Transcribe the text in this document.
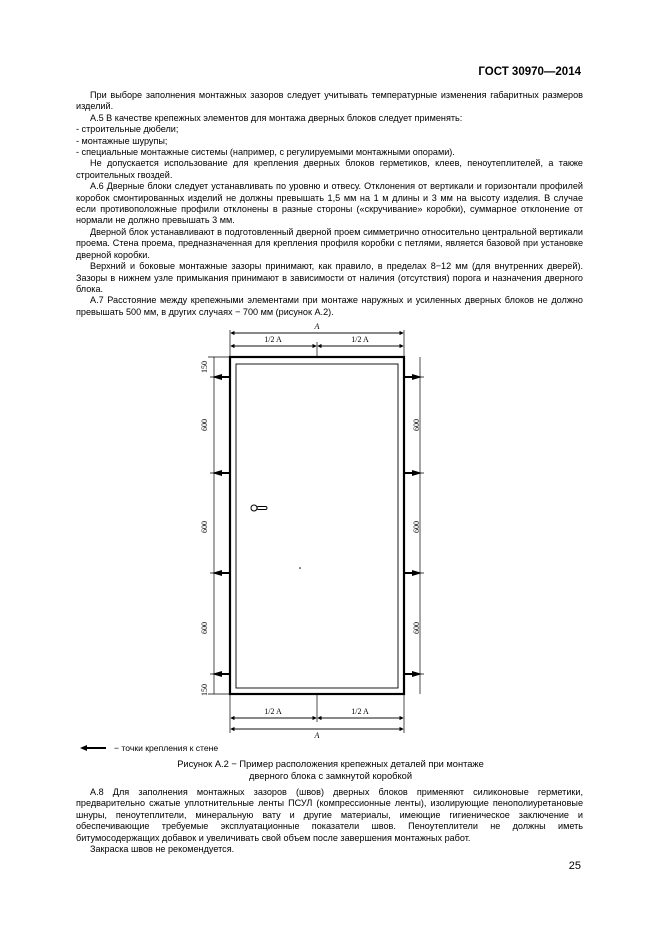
ГОСТ 30970—2014

При выборе заполнения монтажных зазоров следует учитывать температурные изменения габаритных размеров изделий.

А.5 В качестве крепежных элементов для монтажа дверных блоков следует применять:

- строительные дюбели;

- монтажные шурупы;

- специальные монтажные системы (например, с регулируемыми монтажными опорами).

Не допускается использование для крепления дверных блоков герметиков, клеев, пеноутеплителей, а также строительных гвоздей.

А.6 Дверные блоки следует устанавливать по уровню и отвесу. Отклонения от вертикали и горизонтали профилей коробок смонтированных изделий не должны превышать 1,5 мм на 1 м длины и 3 мм на высоту изделия. В случае если противоположные профили отклонены в разные стороны («скручивание» коробки), суммарное отклонение от нормали не должно превышать 3 мм.

Дверной блок устанавливают в подготовленный дверной проем симметрично относительно центральной вертикали проема. Стена проема, предназначенная для крепления профиля коробки с петлями, является базовой при установке дверной коробки.

Верхний и боковые монтажные зазоры принимают, как правило, в пределах 8−12 мм (для внутренних дверей). Зазоры в нижнем узле примыкания принимают в зависимости от наличия (отсутствия) порога и назначения дверного блока.

А.7 Расстояние между крепежными элементами при монтаже наружных и усиленных дверных блоков не должно превышать 500 мм, в других случаях − 700 мм (рисунок А.2).

A
1/2 A	1/2 A
1/2 A	1/2 A
A
150
600
600
600
150
600
600
600
− точки крепления к стене
Рисунок А.2 − Пример расположения крепежных деталей при монтаже
дверного блока с замкнутой коробкой

А.8 Для заполнения монтажных зазоров (швов) дверных блоков применяют силиконовые герметики, предварительно сжатые уплотнительные ленты ПСУЛ (компрессионные ленты), изолирующие пенополиуретановые шнуры, пеноутеплители, минеральную вату и другие материалы, имеющие гигиеническое заключение и обеспечивающие требуемые эксплуатационные показатели швов. Пеноутеплители не должны иметь битумосодержащих добавок и увеличивать свой объем после завершения монтажных работ.

Закраска швов не рекомендуется.

25
